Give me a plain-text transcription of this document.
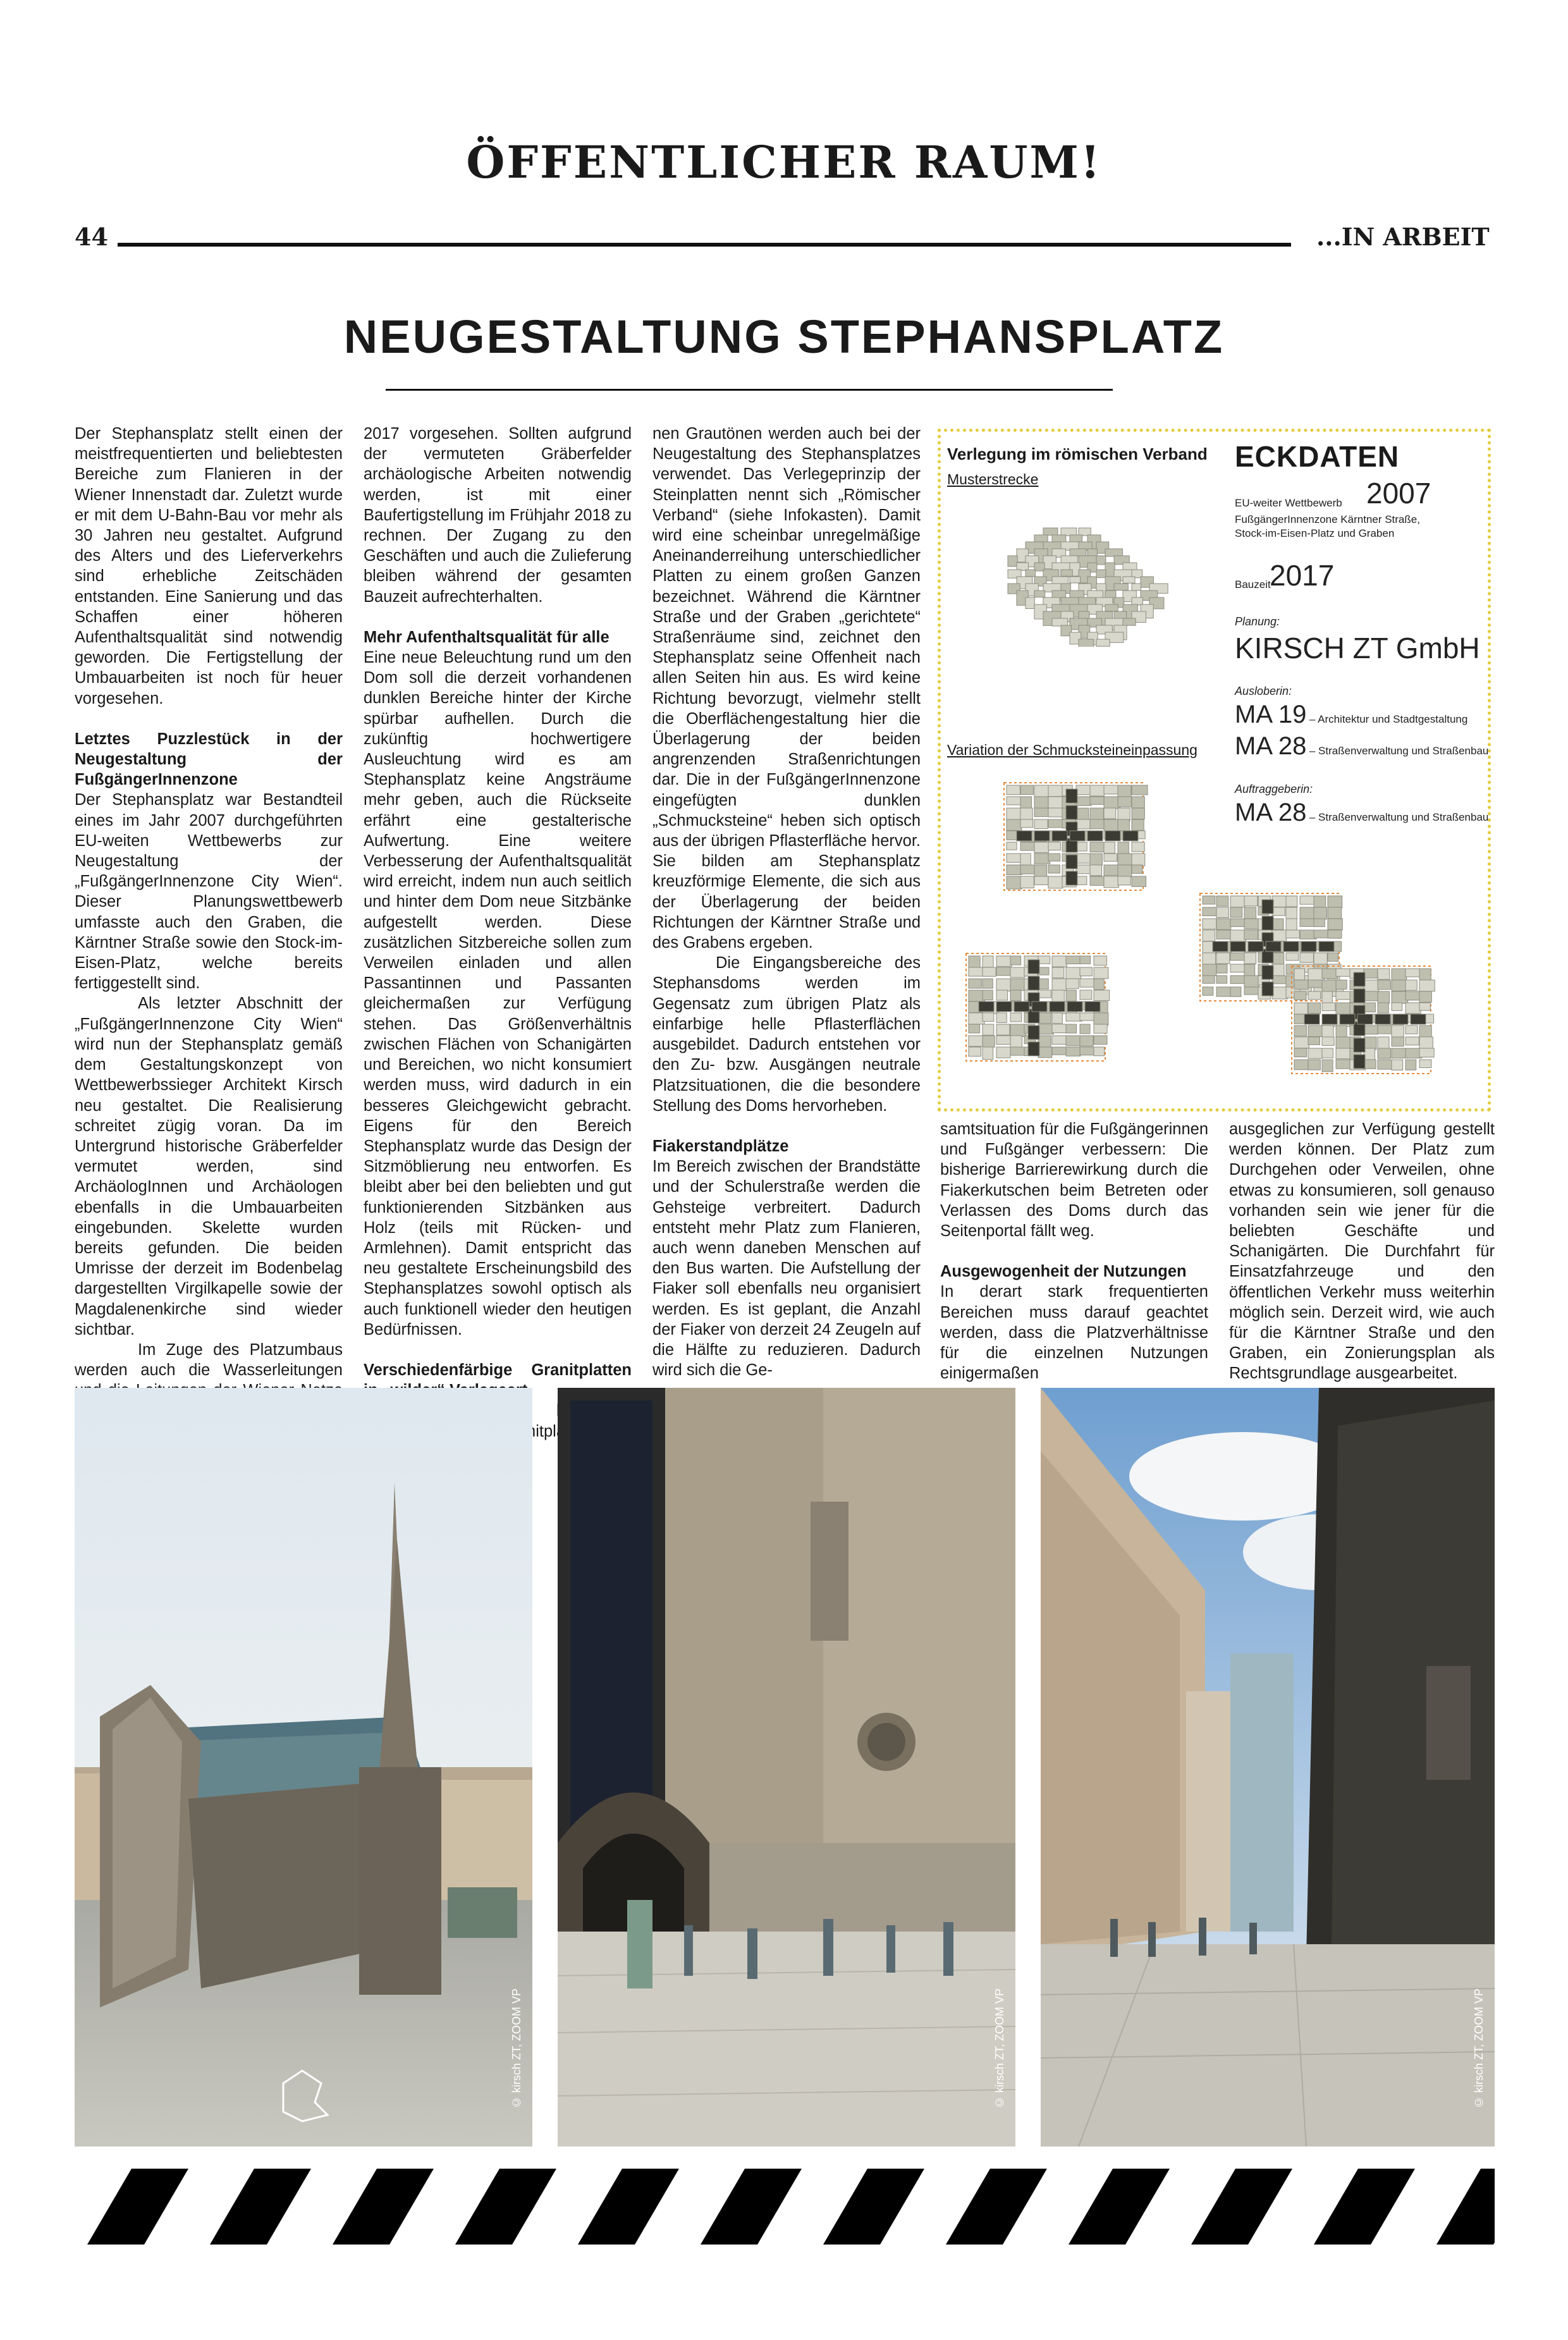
ÖFFENTLICHER RAUM!
44	...IN ARBEIT
NEUGESTALTUNG STEPHANSPLATZ

Der Stephansplatz stellt einen der meistfrequentierten und beliebtesten Bereiche zum Flanieren in der Wiener Innenstadt dar. Zuletzt wurde er mit dem U-Bahn-Bau vor mehr als 30 Jahren neu gestaltet. Aufgrund des Alters und des Lieferverkehrs sind erhebliche Zeitschäden entstanden. Eine Sanierung und das Schaffen einer höheren Aufenthaltsqualität sind notwendig geworden. Die Fertigstellung der Umbauarbeiten ist noch für heuer vorgesehen.

Letztes Puzzlestück in der Neugestaltung der FußgängerInnenzone

Der Stephansplatz war Bestandteil eines im Jahr 2007 durchgeführten EU-weiten Wettbewerbs zur Neugestaltung der „FußgängerInnenzone City Wien“. Dieser Planungswettbewerb umfasste auch den Graben, die Kärntner Straße sowie den Stock-im-Eisen-Platz, welche bereits fertiggestellt sind.

Als letzter Abschnitt der „FußgängerInnenzone City Wien“ wird nun der Stephansplatz gemäß dem Gestaltungskonzept von Wettbewerbssieger Architekt Kirsch neu gestaltet. Die Realisierung schreitet zügig voran. Da im Untergrund historische Gräberfelder vermutet werden, sind ArchäologInnen und Archäologen ebenfalls in die Umbauarbeiten eingebunden. Skelette wurden bereits gefunden. Die beiden Umrisse der derzeit im Bodenbelag dargestellten Virgilkapelle sowie der Magdalenenkirche sind wieder sichtbar.

Im Zuge des Platzumbaus werden auch die Wasserleitungen

2017 vorgesehen. Sollten aufgrund der vermuteten Gräberfelder archäologische Arbeiten notwendig werden, ist mit einer Baufertigstellung im Frühjahr 2018 zu rechnen. Der Zugang zu den Geschäften und auch die Zulieferung bleiben während der gesamten Bauzeit aufrechterhalten.

Mehr Aufenthaltsqualität für alle

Eine neue Beleuchtung rund um den Dom soll die derzeit vorhandenen dunklen Bereiche hinter der Kirche spürbar aufhellen. Durch die zukünftig hochwertigere Ausleuchtung wird es am Stephansplatz keine Angsträume mehr geben, auch die Rückseite erfährt eine gestalterische Aufwertung. Eine weitere Verbesserung der Aufenthaltsqualität wird erreicht, indem nun auch seitlich und hinter dem Dom neue Sitzbänke aufgestellt werden. Diese zusätzlichen Sitzbereiche sollen zum Verweilen einladen und allen Passantinnen und Passanten gleichermaßen zur Verfügung stehen. Das Größenverhältnis zwischen Flächen von Schanigärten und Bereichen, wo nicht konsumiert werden muss, wird dadurch in ein besseres Gleichgewicht gebracht. Eigens für den Bereich Stephansplatz wurde das Design der Sitzmöblierung neu entworfen. Es bleibt aber bei den beliebten und gut funktionierenden Sitzbänken aus Holz (teils mit Rücken- und Armlehnen). Damit entspricht das neu gestaltete Erscheinungsbild des Stephansplatzes sowohl optisch als auch funktionell wieder den heutigen Bedürfnissen.

Verschiedenfärbige Granitplatten

Granitplatten

nen Grautönen werden auch bei der Neugestaltung des Stephansplatzes verwendet. Das Verlegeprinzip der Steinplatten nennt sich „Römischer Verband“ (siehe Infokasten). Damit wird eine scheinbar unregelmäßige Aneinanderreihung unterschiedlicher Platten zu einem großen Ganzen bezeichnet. Während die Kärntner Straße und der Graben „gerichtete“ Straßenräume sind, zeichnet den Stephansplatz seine Offenheit nach allen Seiten hin aus. Es wird keine Richtung bevorzugt, vielmehr stellt die Oberflächengestaltung hier die Überlagerung der beiden angrenzenden Straßenrichtungen dar. Die in der FußgängerInnenzone eingefügten dunklen „Schmucksteine“ heben sich optisch aus der übrigen Pflasterfläche hervor. Sie bilden am Stephansplatz kreuzförmige Elemente, die sich aus der Überlagerung der beiden Richtungen der Kärntner Straße und des Grabens ergeben.

Die Eingangsbereiche des Stephansdoms werden im Gegensatz zum übrigen Platz als einfarbige helle Pflasterflächen ausgebildet. Dadurch entstehen vor den Zu- bzw. Ausgängen neutrale Platzsituationen, die die besondere Stellung des Doms hervorheben.

Fiakerstandplätze

Im Bereich zwischen der Brandstätte und der Schulerstraße werden die Gehsteige verbreitert. Dadurch entsteht mehr Platz zum Flanieren, auch wenn daneben Menschen auf den Bus warten. Die Aufstellung der Fiaker soll ebenfalls neu organisiert werden. Es ist geplant, die Anzahl der Fiaker von derzeit 24 Zeugeln auf die Hälfte zu reduzieren. Dadurch wird sich die Ge-

samtsituation für die Fußgängerinnen und Fußgänger verbessern: Die bisherige Barrierewirkung durch die Fiakerkutschen beim Betreten oder Verlassen des Doms durch das Seitenportal fällt weg.

Ausgewogenheit der Nutzungen

In derart stark frequentierten Bereichen muss darauf geachtet werden, dass die Platzverhältnisse für die einzelnen Nutzungen einigermaßen

ausgeglichen zur Verfügung gestellt werden können. Der Platz zum Durchgehen oder Verweilen, ohne etwas zu konsumieren, soll genauso vorhanden sein wie jener für die beliebten Geschäfte und Schanigärten. Die Durchfahrt für Einsatzfahrzeuge und den öffentlichen Verkehr muss weiterhin möglich sein. Derzeit wird, wie auch für die Kärntner Straße und den Graben, ein Zonierungsplan als Rechtsgrundlage ausgearbeitet.

Verlegung im römischen Verband
Musterstrecke
Variation der Schmucksteineinpassung
ECKDATEN
EU-weiter Wettbewerb 2007
FußgängerInnenzone Kärntner Straße, Stock-im-Eisen-Platz und Graben
Bauzeit
2017
Planung:
KIRSCH ZT GmbH
Ausloberin:
MA 19 – Architektur und Stadtgestaltung
MA 28 – Straßenverwaltung und Straßenbau
Auftraggeberin:
MA 28 – Straßenverwaltung und Straßenbau
© kirsch ZT, ZOOM VP	© kirsch ZT, ZOOM VP	© kirsch ZT, ZOOM VP
